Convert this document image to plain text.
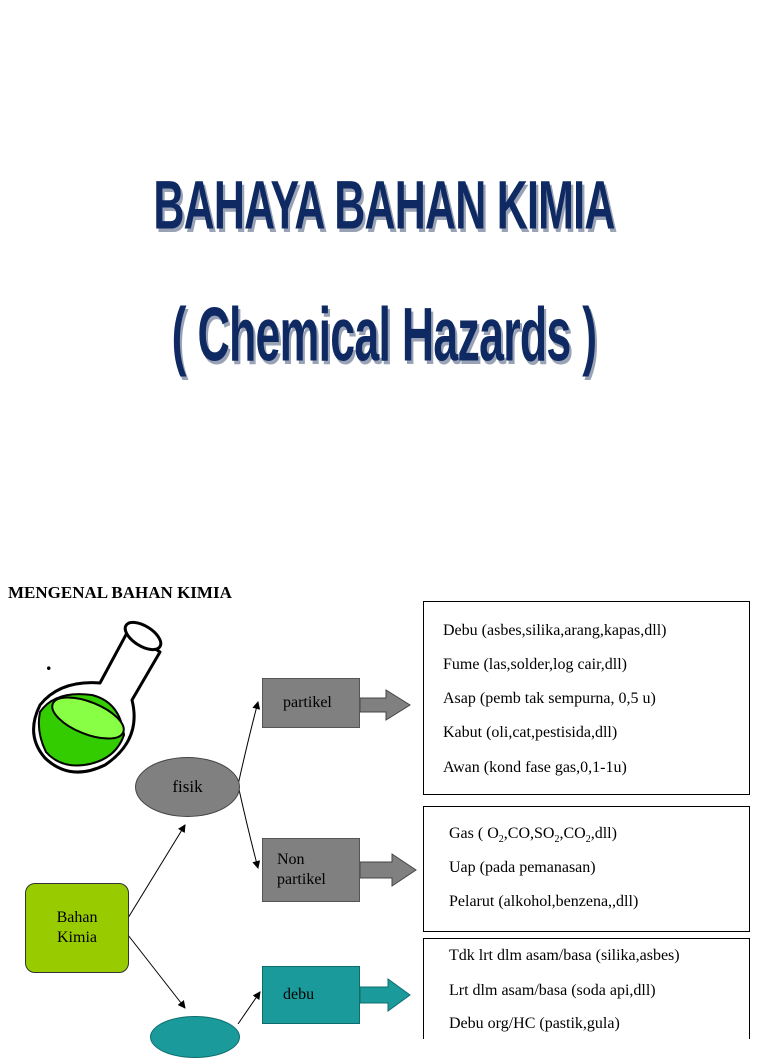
BAHAYA BAHAN KIMIA
( Chemical Hazards )
MENGENAL BAHAN KIMIA
.
Bahan
Kimia
fisik
partikel
Non
partikel
debu
Debu (asbes,silika,arang,kapas,dll)
Fume (las,solder,log cair,dll)
Asap (pemb tak sempurna, 0,5 u)
Kabut (oli,cat,pestisida,dll)
Awan (kond fase gas,0,1-1u)
Gas ( $O_2,CO,SO_2,CO_2,dll$)
Uap (pada pemanasan)
Pelarut (alkohol,benzena,,dll)
Tdk lrt dlm asam/basa (silika,asbes)
Lrt dlm asam/basa (soda api,dll)
Debu org/HC (pastik,gula)
